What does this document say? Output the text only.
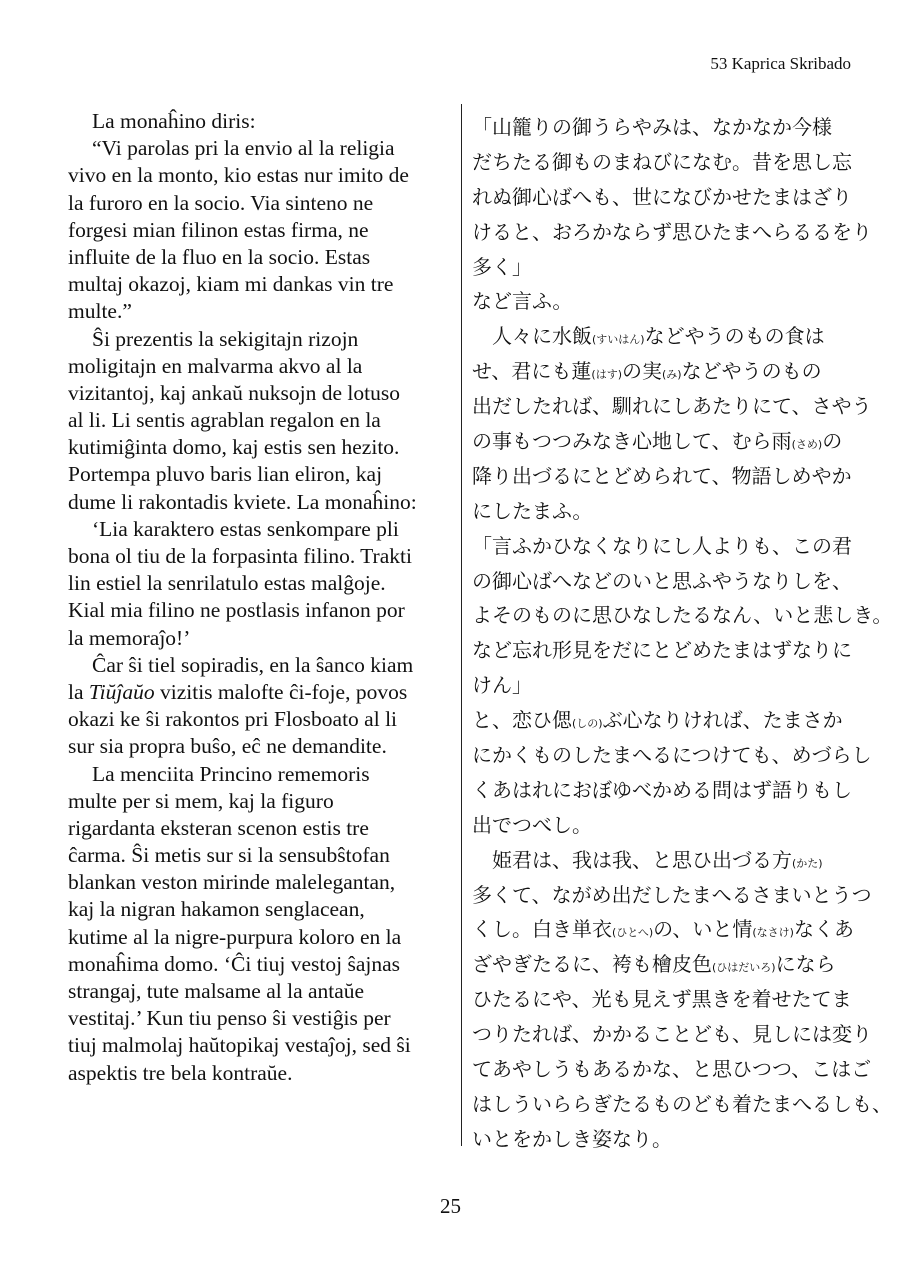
53 Kaprica Skribado
La monaĥino diris:
“Vi parolas pri la envio al la religia
vivo en la monto, kio estas nur imito de
la furoro en la socio. Via sinteno ne
forgesi mian filinon estas firma, ne
influite de la fluo en la socio. Estas
multaj okazoj, kiam mi dankas vin tre
multe.”
Ŝi prezentis la sekigitajn rizojn
moligitajn en malvarma akvo al la
vizitantoj, kaj ankaŭ nuksojn de lotuso
al li. Li sentis agrablan regalon en la
kutimiĝinta domo, kaj estis sen hezito.
Portempa pluvo baris lian eliron, kaj
dume li rakontadis kviete. La monaĥino:
‘Lia karaktero estas senkompare pli
bona ol tiu de la forpasinta filino. Trakti
lin estiel la senrilatulo estas malĝoje.
Kial mia filino ne postlasis infanon por
la memoraĵo!’
Ĉar ŝi tiel sopiradis, en la ŝanco kiam
la Tiŭĵaŭo vizitis malofte ĉi-foje, povos
okazi ke ŝi rakontos pri Flosboato al li
sur sia propra buŝo, eĉ ne demandite.
La menciita Princino rememoris
multe per si mem, kaj la figuro
rigardanta eksteran scenon estis tre
ĉarma. Ŝi metis sur si la sensubŝtofan
blankan veston mirinde malelegantan,
kaj la nigran hakamon senglacean,
kutime al la nigre-purpura koloro en la
monaĥima domo. ‘Ĉi tiuj vestoj ŝajnas
strangaj, tute malsame al la antaŭe
vestitaj.’ Kun tiu penso ŝi vestiĝis per
tiuj malmolaj haŭtopikaj vestaĵoj, sed ŝi
aspektis tre bela kontraŭe.
「山籠りの御うらやみは、なかなか今様
だちたる御ものまねびになむ。昔を思し忘
れぬ御心ばへも、世になびかせたまはざり
けると、おろかならず思ひたまへらるるをり
多く」
など言ふ。
人々に水飯(すいはん)などやうのもの食は
せ、君にも蓮(はす)の実(み)などやうのもの
出だしたれば、馴れにしあたりにて、さやう
の事もつつみなき心地して、むら雨(さめ)の
降り出づるにとどめられて、物語しめやか
にしたまふ。
「言ふかひなくなりにし人よりも、この君
の御心ばへなどのいと思ふやうなりしを、
よそのものに思ひなしたるなん、いと悲しき。
など忘れ形見をだにとどめたまはずなりに
けん」
と、恋ひ偲(しの)ぶ心なりければ、たまさか
にかくものしたまへるにつけても、めづらし
くあはれにおぼゆべかめる問はず語りもし
出でつべし。
姫君は、我は我、と思ひ出づる方(かた)
多くて、ながめ出だしたまへるさまいとうつ
くし。白き単衣(ひとへ)の、いと情(なさけ)なくあ
ざやぎたるに、袴も檜皮色(ひはだいろ)になら
ひたるにや、光も見えず黒きを着せたてま
つりたれば、かかることども、見しには変り
てあやしうもあるかな、と思ひつつ、こはご
はしういららぎたるものども着たまへるしも、
いとをかしき姿なり。
25
